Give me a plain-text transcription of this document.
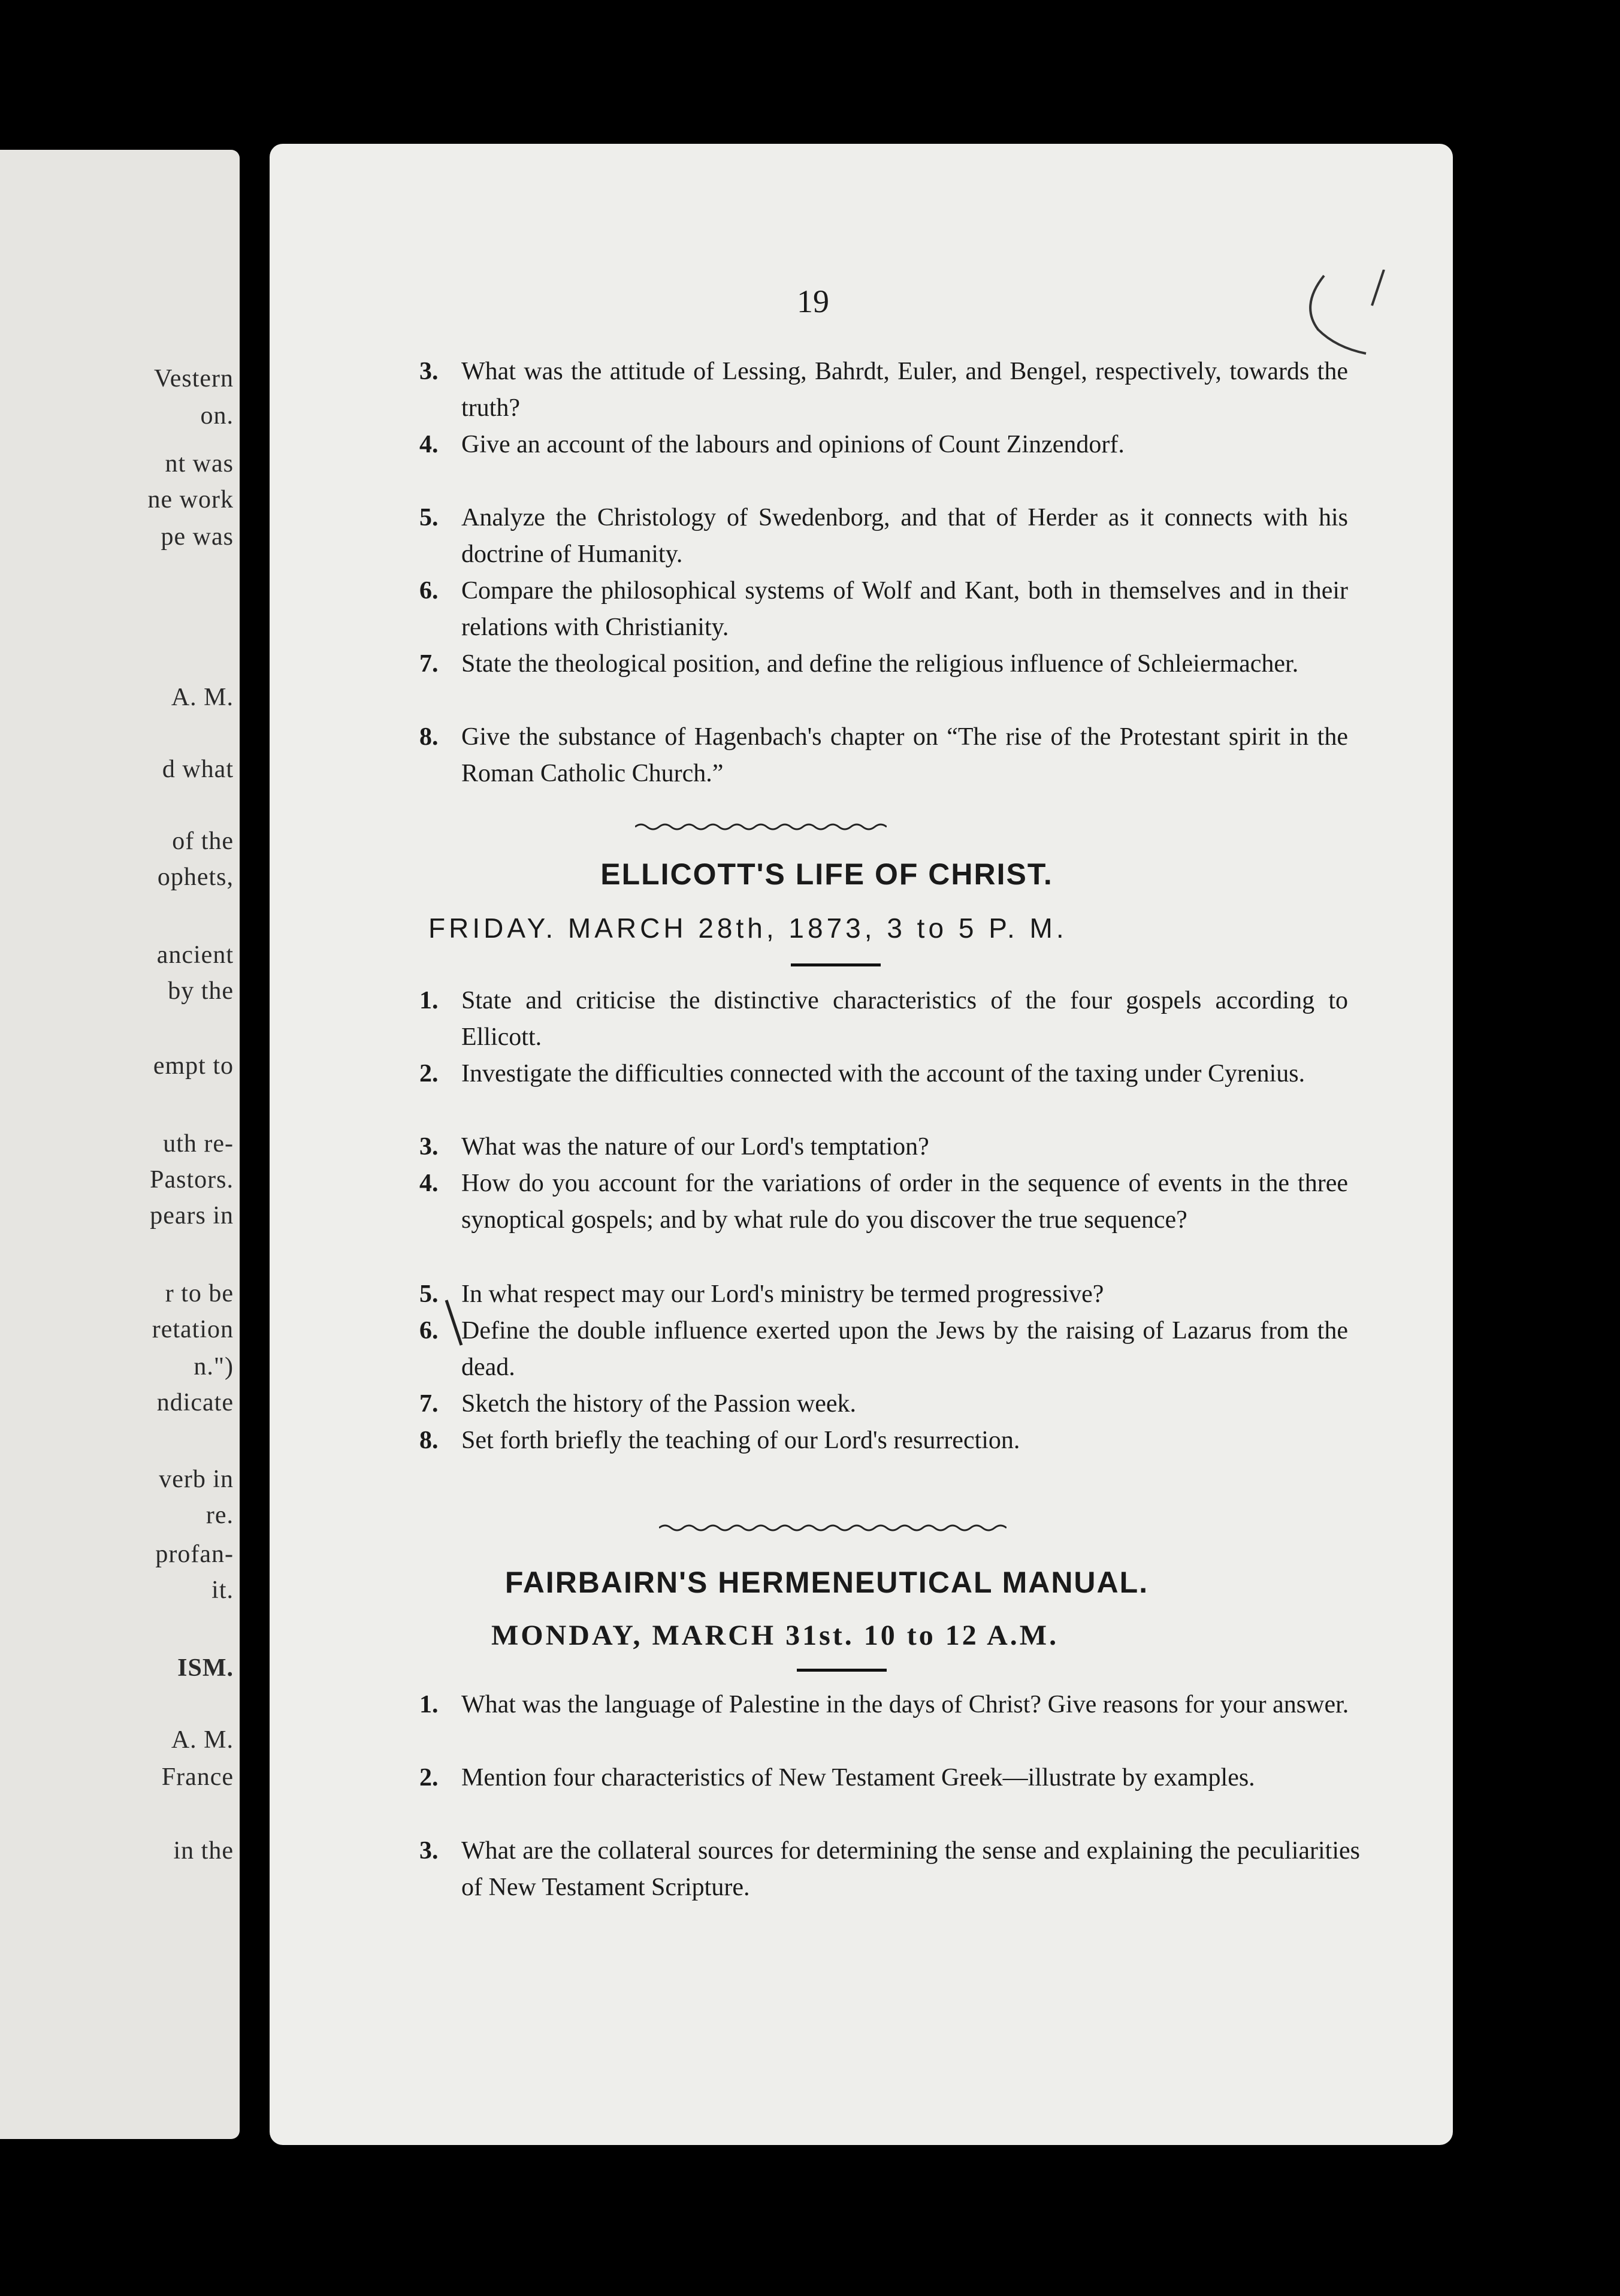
Vestern
on.
nt was
ne work
pe was
A. M.
d what
of the
ophets,
ancient
by the
empt to
uth re-
Pastors.
pears in
r to be
retation
n.")
ndicate
verb in
re.
profan-
it.
ISM.
A. M.
France
in the
19
3. What was the attitude of Lessing, Bahrdt, Euler, and Bengel, respectively, towards the truth?
4. Give an account of the labours and opinions of Count Zinzendorf.
5. Analyze the Christology of Swedenborg, and that of Herder as it connects with his doctrine of Humanity.
6. Compare the philosophical systems of Wolf and Kant, both in themselves and in their relations with Christianity.
7. State the theological position, and define the religious influence of Schleiermacher.
8. Give the substance of Hagenbach's chapter on “The rise of the Protestant spirit in the Roman Catholic Church.”
ELLICOTT'S LIFE OF CHRIST.
FRIDAY. MARCH 28th, 1873, 3 to 5 P. M.
1. State and criticise the distinctive characteristics of the four gospels according to Ellicott.
2. Investigate the difficulties connected with the account of the taxing under Cyrenius.
3. What was the nature of our Lord's temptation?
4. How do you account for the variations of order in the sequence of events in the three synoptical gospels; and by what rule do you discover the true sequence?
5. In what respect may our Lord's ministry be termed progressive?
6. Define the double influence exerted upon the Jews by the raising of Lazarus from the dead.
7. Sketch the history of the Passion week.
8. Set forth briefly the teaching of our Lord's resurrection.
FAIRBAIRN'S HERMENEUTICAL MANUAL.
MONDAY, MARCH 31st. 10 to 12 A.M.
1. What was the language of Palestine in the days of Christ? Give reasons for your answer.
2. Mention four characteristics of New Testament Greek—illustrate by examples.
3. What are the collateral sources for determining the sense and explaining the peculiarities of New Testament Scripture.
